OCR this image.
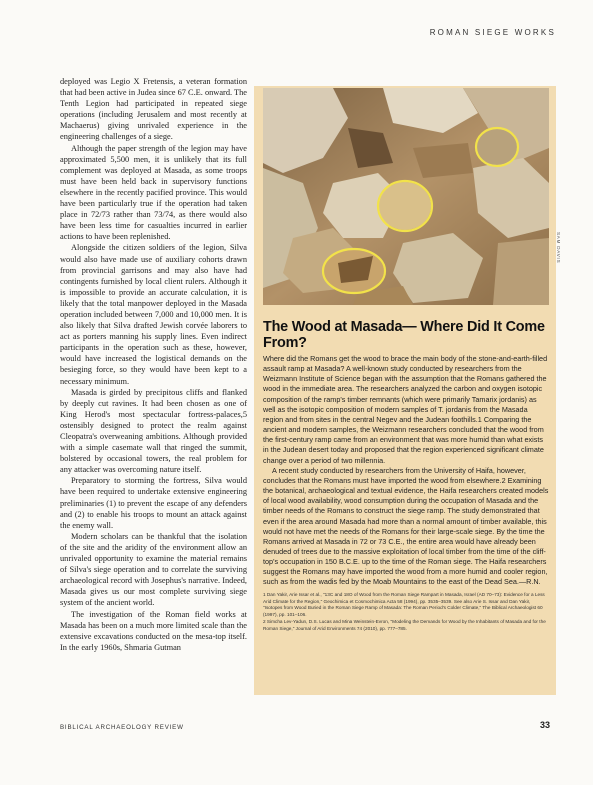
ROMAN SIEGE WORKS

deployed was Legio X Fretensis, a veteran formation that had been active in Judea since 67 C.E. onward. The Tenth Legion had participated in repeated siege operations (including Jerusalem and most recently at Machaerus) giving unrivaled experience in the engineering challenges of a siege.

Although the paper strength of the legion may have approximated 5,500 men, it is unlikely that its full complement was deployed at Masada, as some troops must have been held back in supervisory functions elsewhere in the recently pacified province. This would have been particularly true if the operation had taken place in 72/73 rather than 73/74, as there would also have been less time for casualties incurred in earlier actions to have been replenished.

Alongside the citizen soldiers of the legion, Silva would also have made use of auxiliary cohorts drawn from provincial garrisons and may also have had contingents furnished by local client rulers. Although it is impossible to provide an accurate calculation, it is likely that the total manpower deployed in the Masada operation included between 7,000 and 10,000 men. It is also likely that Silva drafted Jewish corvée laborers to act as porters manning his supply lines. Even indirect participants in the operation such as these, however, would have increased the logistical demands on the besieging force, so they would have been kept to a necessary minimum.

Masada is girded by precipitous cliffs and flanked by deeply cut ravines. It had been chosen as one of King Herod's most spectacular fortress-palaces,5 ostensibly designed to protect the realm against Cleopatra's overweaning ambitions. Although provided with a simple casemate wall that ringed the summit, bolstered by occasional towers, the real problem for any attacker was overcoming nature itself.

Preparatory to storming the fortress, Silva would have been required to undertake extensive engineering preliminaries (1) to prevent the escape of any defenders and (2) to enable his troops to mount an attack against the enemy wall.

Modern scholars can be thankful that the isolation of the site and the aridity of the environment allow an unrivaled opportunity to examine the material remains of Silva's siege operation and to correlate the surviving archaeological record with Josephus's narrative. Indeed, Masada gives us our most complete surviving siege system of the ancient world.

The investigation of the Roman field works at Masada has been on a much more limited scale than the extensive excavations conducted on the mesa-top itself. In the early 1960s, Shmaria Gutman

SAM DAVIS
The Wood at Masada— Where Did It Come From?

Where did the Romans get the wood to brace the main body of the stone-and-earth-filled assault ramp at Masada? A well-known study conducted by researchers from the Weizmann Institute of Science began with the assumption that the Romans gathered the wood in the immediate area. The researchers analyzed the carbon and oxygen isotopic composition of the ramp's timber remnants (which were primarily Tamarix jordanis) as well as the isotopic composition of modern samples of T. jordanis from the Masada region and from sites in the central Negev and the Judean foothills.1 Comparing the ancient and modern samples, the Weizmann researchers concluded that the wood from the first-century ramp came from an environment that was more humid than what exists in the Judean desert today and proposed that the region experienced significant climate change over a period of two millennia.

A recent study conducted by researchers from the University of Haifa, however, concludes that the Romans must have imported the wood from elsewhere.2 Examining the botanical, archaeological and textual evidence, the Haifa researchers created models of local wood availability, wood consumption during the occupation of Masada and the timber needs of the Romans to construct the siege ramp. The study demonstrated that even if the area around Masada had more than a normal amount of timber available, this would not have met the needs of the Romans for their large-scale siege. By the time the Romans arrived at Masada in 72 or 73 C.E., the entire area would have already been denuded of trees due to the massive exploitation of local timber from the time of the cliff-top's occupation in 150 B.C.E. up to the time of the Roman siege. The Haifa researchers suggest the Romans may have imported the wood from a more humid and cooler region, such as from the wadis fed by the Moab Mountains to the east of the Dead Sea.—R.N.

1 Dan Yakir, Arie Issar et al., "13C and 18O of Wood from the Roman Siege Rampart in Masada, Israel (AD 70–73): Evidence for a Less Arid Climate for the Region," Geochimica et Cosmochimica Acta 58 (1994), pp. 3535–3539. See also Arie S. Issar and Dan Yakir, "Isotopes from Wood Buried in the Roman Siege Ramp of Masada: The Roman Period's Colder Climate," The Biblical Archaeologist 60 (1997), pp. 101–106.

2 Simcha Lev-Yadun, D.S. Lucas and Mina Weinstein-Evron, "Modeling the Demands for Wood by the Inhabitants of Masada and for the Roman Siege," Journal of Arid Environments 74 (2010), pp. 777–785.

BIBLICAL ARCHAEOLOGY REVIEW	33
